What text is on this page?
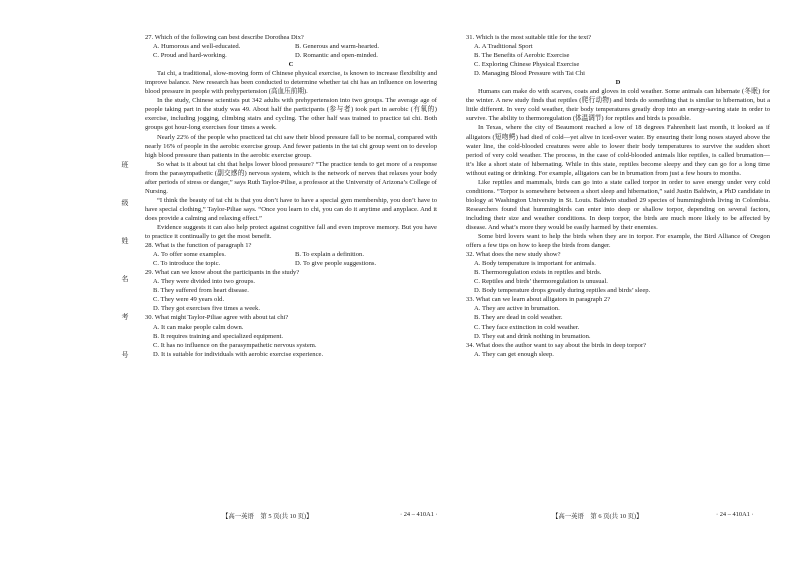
班
级
姓
名
考
号

27. Which of the following can best describe Dorothea Dix?

A. Humorous and well-educated.	B. Generous and warm-hearted.
C. Proud and hard-working.	D. Romantic and open-minded.

C

Tai chi, a traditional, slow-moving form of Chinese physical exercise, is known to increase flexibility and improve balance. New research has been conducted to determine whether tai chi has an influence on lowering blood pressure in people with prehypertension (高血压前期).

In the study, Chinese scientists put 342 adults with prehypertension into two groups. The average age of people taking part in the study was 49. About half the participants (参与者) took part in aerobic (有氧的) exercise, including jogging, climbing stairs and cycling. The other half was trained to practice tai chi. Both groups got hour-long exercises four times a week.

Nearly 22% of the people who practiced tai chi saw their blood pressure fall to be normal, compared with nearly 16% of people in the aerobic exercise group. And fewer patients in the tai chi group went on to develop high blood pressure than patients in the aerobic exercise group.

So what is it about tai chi that helps lower blood pressure? “The practice tends to get more of a response from the parasympathetic (副交感的) nervous system, which is the network of nerves that relaxes your body after periods of stress or danger,” says Ruth Taylor-Pilise, a professor at the University of Arizona’s College of Nursing.

“I think the beauty of tai chi is that you don’t have to have a special gym membership, you don’t have to have special clothing,” Taylor-Piliae says. “Once you learn to chi, you can do it anytime and anyplace. And it does provide a calming and relaxing effect.”

Evidence suggests it can also help protect against cognitive fall and even improve memory. But you have to practice it continually to get the most benefit.

28. What is the function of paragraph 1?

A. To offer some examples.	B. To explain a definition.
C. To introduce the topic.	D. To give people suggestions.

29. What can we know about the participants in the study?

A. They were divided into two groups.

B. They suffered from heart disease.

C. They were 49 years old.

D. They got exercises five times a week.

30. What might Taylor-Piliae agree with about tai chi?

A. It can make people calm down.

B. It requires training and specialized equipment.

C. It has no influence on the parasympathetic nervous system.

D. It is suitable for individuals with aerobic exercise experience.

【高一英语　第 5 页(共 10 页)】	· 24 – 410A1 ·

31. Which is the most suitable title for the text?

A. A Traditional Sport

B. The Benefits of Aerobic Exercise

C. Exploring Chinese Physical Exercise

D. Managing Blood Pressure with Tai Chi

D

Humans can make do with scarves, coats and gloves in cold weather. Some animals can hibernate (冬眠) for the winter. A new study finds that reptiles (爬行动物) and birds do something that is similar to hibernation, but a little different. In very cold weather, their body temperatures greatly drop into an energy-saving state in order to survive. The ability to thermoregulation (体温调节) for reptiles and birds is possible.

In Texas, where the city of Beaumont reached a low of 18 degrees Fahrenheit last month, it looked as if alligators (短吻鳄) had died of cold—yet alive in iced-over water. By ensuring their long noses stayed above the water line, the cold-blooded creatures were able to lower their body temperatures to survive the sudden short period of very cold weather. The process, in the case of cold-blooded animals like reptiles, is called brumation—it’s like a short state of hibernating. While in this state, reptiles become sleepy and they can go for a long time without eating or drinking. For example, alligators can be in brumation from just a few hours to months.

Like reptiles and mammals, birds can go into a state called torpor in order to save energy under very cold conditions. “Torpor is somewhere between a short sleep and hibernation,” said Justin Baldwin, a PhD candidate in biology at Washington University in St. Louis. Baldwin studied 29 species of hummingbirds living in Colombia. Researchers found that hummingbirds can enter into deep or shallow torpor, depending on several factors, including their size and weather conditions. In deep torpor, the birds are much more likely to be affected by disease. And what’s more they would be easily harmed by their enemies.

Some bird lovers want to help the birds when they are in torpor. For example, the Bird Alliance of Oregon offers a few tips on how to keep the birds from danger.

32. What does the new study show?

A. Body temperature is important for animals.

B. Thermoregulation exists in reptiles and birds.

C. Reptiles and birds’ thermoregulation is unusual.

D. Body temperature drops greatly during reptiles and birds’ sleep.

33. What can we learn about alligators in paragraph 2?

A. They are active in brumation.

B. They are dead in cold weather.

C. They face extinction in cold weather.

D. They eat and drink nothing in brumation.

34. What does the author want to say about the birds in deep torpor?

A. They can get enough sleep.

【高一英语　第 6 页(共 10 页)】	· 24 – 410A1 ·
